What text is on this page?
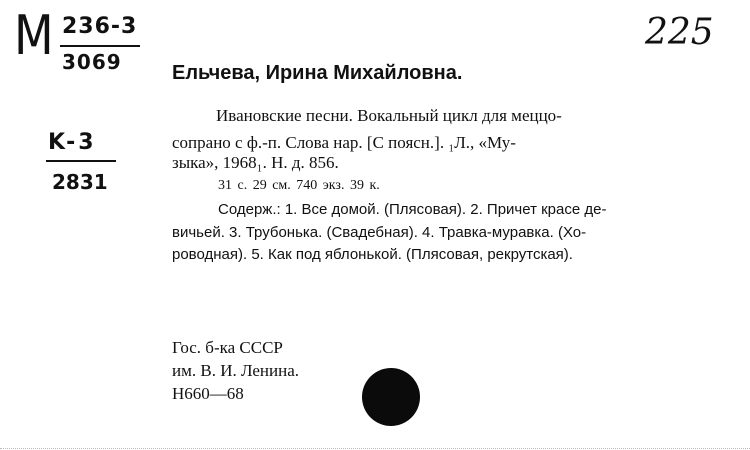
M 236-3
3069
K-3
2831
225
Ельчева, Ирина Михайловна.
Ивановские песни. Вокальный цикл для меццо-
сопрано с ф.-п. Слова нар. [С поясн.]. ₁Л., «Му-
зыка», 1968₁. Н. д. 856.
31 с. 29 см. 740 экз. 39 к.
Содерж.: 1. Все домой. (Плясовая). 2. Причет красе де-
вичьей. 3. Трубонька. (Свадебная). 4. Травка-муравка. (Хо-
роводная). 5. Как под яблонькой. (Плясовая, рекрутская).
Гос. б-ка СССР
им. В. И. Ленина.
Н660—68
